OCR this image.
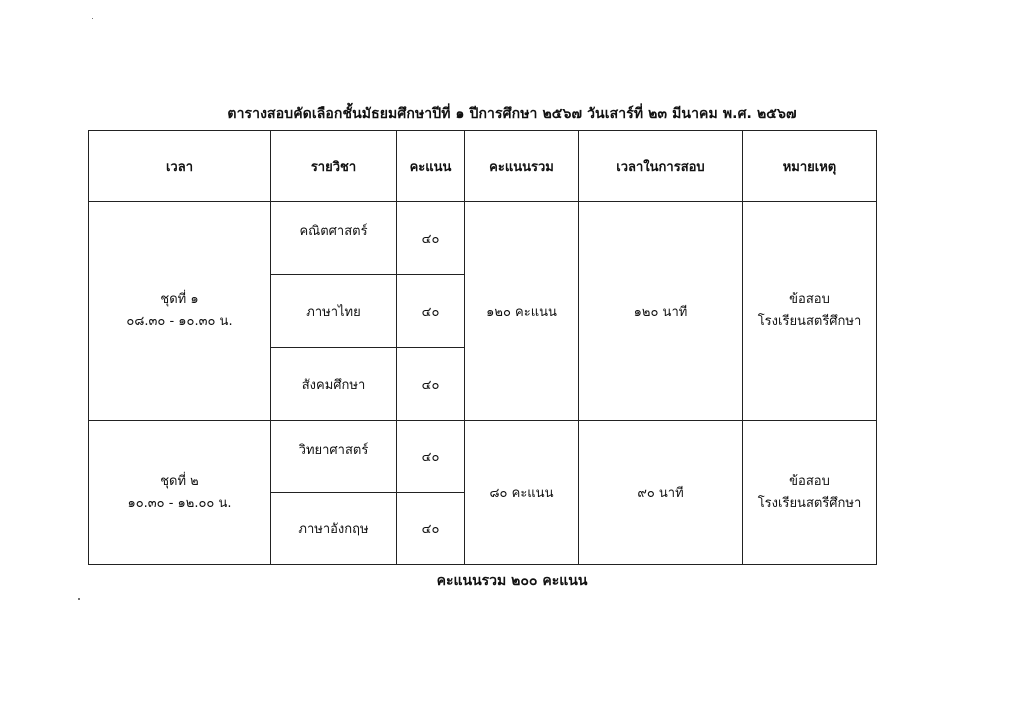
ตารางสอบคัดเลือกชั้นมัธยมศึกษาปีที่ ๑ ปีการศึกษา ๒๕๖๗ วันเสาร์ที่ ๒๓ มีนาคม พ.ศ. ๒๕๖๗
เวลา	รายวิชา	คะแนน	คะแนนรวม	เวลาในการสอบ	หมายเหตุ

ชุดที่ ๑
๐๘.๓๐ - ๑๐.๓๐ น.	คณิตศาสตร์	๔๐	๑๒๐ คะแนน	๑๒๐ นาที	ข้อสอบ
โรงเรียนสตรีศึกษา

	ภาษาไทย	๔๐			
	สังคมศึกษา	๔๐			

ชุดที่ ๒
๑๐.๓๐ - ๑๒.๐๐ น.	วิทยาศาสตร์	๔๐	๘๐ คะแนน	๙๐ นาที	ข้อสอบ
โรงเรียนสตรีศึกษา

	ภาษาอังกฤษ	๔๐			
คะแนนรวม ๒๐๐ คะแนน
